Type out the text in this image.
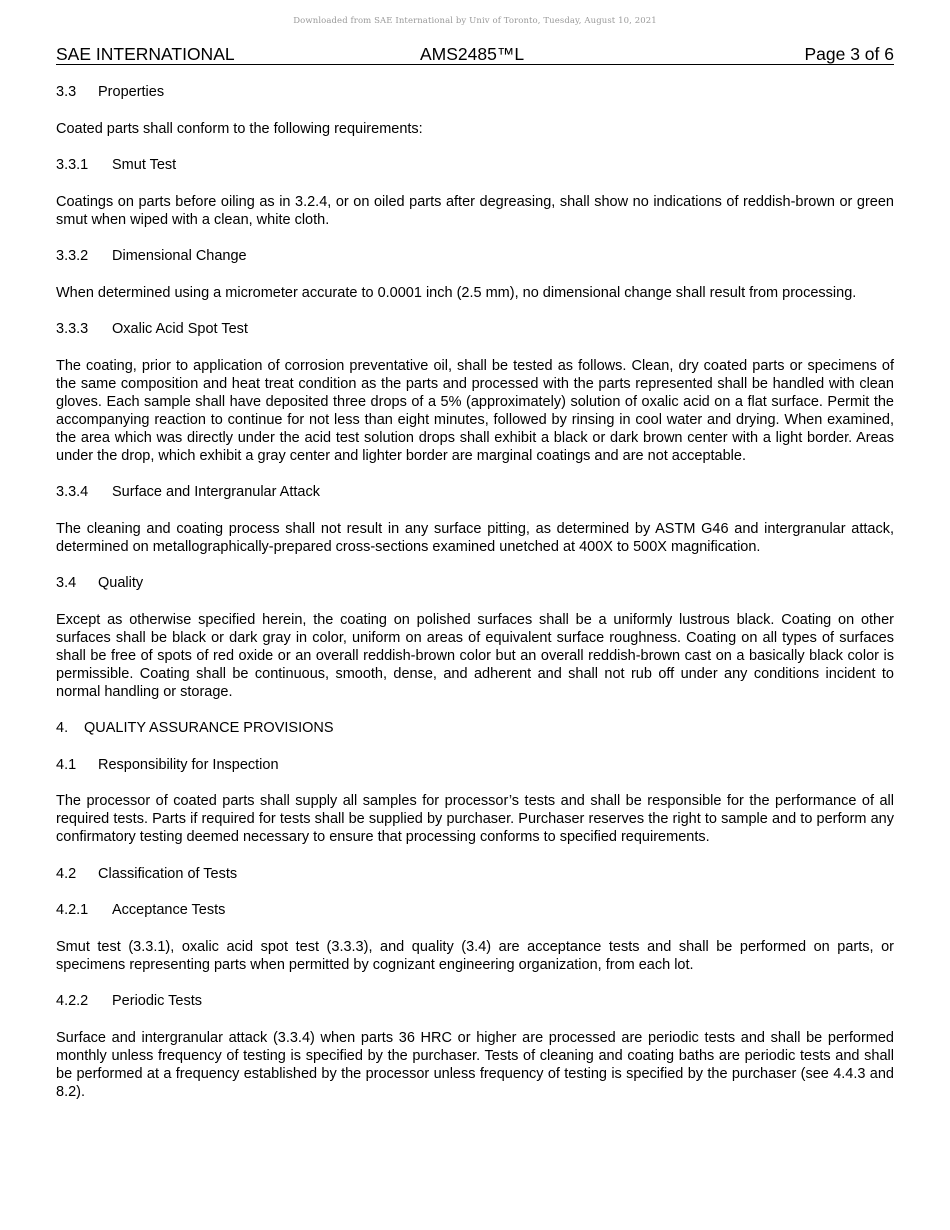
Downloaded from SAE International by Univ of Toronto, Tuesday, August 10, 2021
SAE INTERNATIONAL	AMS2485™L	Page 3 of 6
3.3 Properties

Coated parts shall conform to the following requirements:

3.3.1 Smut Test

Coatings on parts before oiling as in 3.2.4, or on oiled parts after degreasing, shall show no indications of reddish-brown or green smut when wiped with a clean, white cloth.

3.3.2 Dimensional Change

When determined using a micrometer accurate to 0.0001 inch (2.5 mm), no dimensional change shall result from processing.

3.3.3 Oxalic Acid Spot Test

The coating, prior to application of corrosion preventative oil, shall be tested as follows. Clean, dry coated parts or specimens of the same composition and heat treat condition as the parts and processed with the parts represented shall be handled with clean gloves. Each sample shall have deposited three drops of a 5% (approximately) solution of oxalic acid on a flat surface. Permit the accompanying reaction to continue for not less than eight minutes, followed by rinsing in cool water and drying. When examined, the area which was directly under the acid test solution drops shall exhibit a black or dark brown center with a light border. Areas under the drop, which exhibit a gray center and lighter border are marginal coatings and are not acceptable.

3.3.4 Surface and Intergranular Attack

The cleaning and coating process shall not result in any surface pitting, as determined by ASTM G46 and intergranular attack, determined on metallographically-prepared cross-sections examined unetched at 400X to 500X magnification.

3.4 Quality

Except as otherwise specified herein, the coating on polished surfaces shall be a uniformly lustrous black. Coating on other surfaces shall be black or dark gray in color, uniform on areas of equivalent surface roughness. Coating on all types of surfaces shall be free of spots of red oxide or an overall reddish-brown color but an overall reddish-brown cast on a basically black color is permissible. Coating shall be continuous, smooth, dense, and adherent and shall not rub off under any conditions incident to normal handling or storage.

4. QUALITY ASSURANCE PROVISIONS
4.1 Responsibility for Inspection

The processor of coated parts shall supply all samples for processor’s tests and shall be responsible for the performance of all required tests. Parts if required for tests shall be supplied by purchaser. Purchaser reserves the right to sample and to perform any confirmatory testing deemed necessary to ensure that processing conforms to specified requirements.

4.2 Classification of Tests
4.2.1 Acceptance Tests

Smut test (3.3.1), oxalic acid spot test (3.3.3), and quality (3.4) are acceptance tests and shall be performed on parts, or specimens representing parts when permitted by cognizant engineering organization, from each lot.

4.2.2 Periodic Tests

Surface and intergranular attack (3.3.4) when parts 36 HRC or higher are processed are periodic tests and shall be performed monthly unless frequency of testing is specified by the purchaser. Tests of cleaning and coating baths are periodic tests and shall be performed at a frequency established by the processor unless frequency of testing is specified by the purchaser (see 4.4.3 and 8.2).
